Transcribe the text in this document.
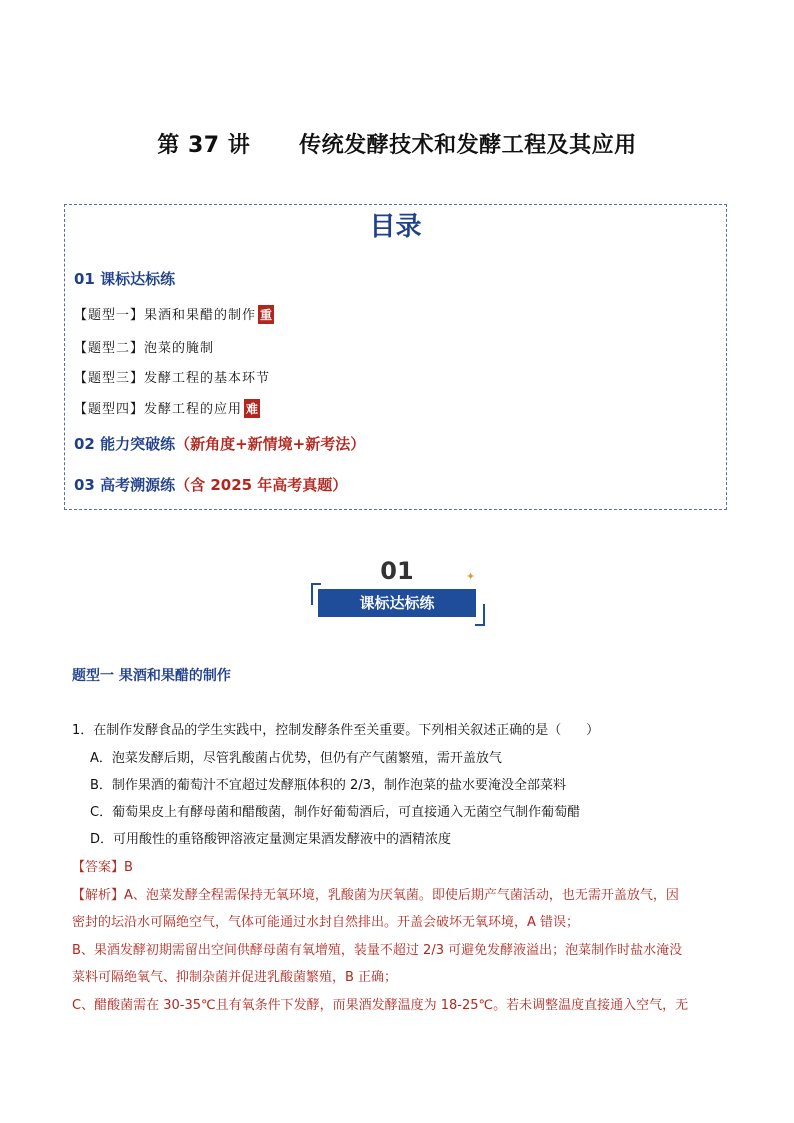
第 37 讲      传统发酵技术和发酵工程及其应用
目录
01 课标达标练
【题型一】果酒和果醋的制作 重
【题型二】泡菜的腌制
【题型三】发酵工程的基本环节
【题型四】发酵工程的应用 难
02 能力突破练（新角度+新情境+新考法）
03 高考溯源练（含 2025 年高考真题）
01	✦
课标达标练
题型一 果酒和果醋的制作
1．在制作发酵食品的学生实践中，控制发酵条件至关重要。下列相关叙述正确的是（      ）
A．泡菜发酵后期，尽管乳酸菌占优势，但仍有产气菌繁殖，需开盖放气
B．制作果酒的葡萄汁不宜超过发酵瓶体积的 2/3，制作泡菜的盐水要淹没全部菜料
C．葡萄果皮上有酵母菌和醋酸菌，制作好葡萄酒后，可直接通入无菌空气制作葡萄醋
D．可用酸性的重铬酸钾溶液定量测定果酒发酵液中的酒精浓度
【答案】B
【解析】A、泡菜发酵全程需保持无氧环境，乳酸菌为厌氧菌。即使后期产气菌活动，也无需开盖放气，因
密封的坛沿水可隔绝空气，气体可能通过水封自然排出。开盖会破坏无氧环境，A 错误；
B、果酒发酵初期需留出空间供酵母菌有氧增殖，装量不超过 2/3 可避免发酵液溢出；泡菜制作时盐水淹没
菜料可隔绝氧气、抑制杂菌并促进乳酸菌繁殖，B 正确；
C、醋酸菌需在 30-35℃且有氧条件下发酵，而果酒发酵温度为 18-25℃。若未调整温度直接通入空气，无
